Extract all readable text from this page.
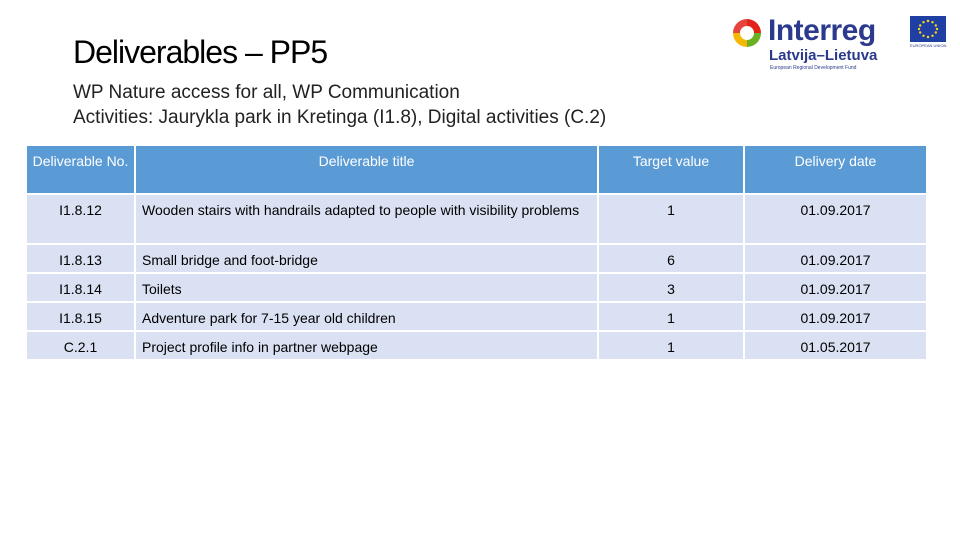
Deliverables – PP5
WP Nature access for all, WP Communication
Activities: Jaurykla park in Kretinga (I1.8), Digital activities (C.2)
Interreg
Latvija–Lietuva
European Regional Development Fund
EUROPEAN UNION
Deliverable No.	Deliverable title	Target value	Delivery date
I1.8.12	Wooden stairs with handrails adapted to people with visibility problems	1	01.09.2017
I1.8.13	Small bridge and foot-bridge	6	01.09.2017
I1.8.14	Toilets	3	01.09.2017
I1.8.15	Adventure park for 7-15 year old children	1	01.09.2017
C.2.1	Project profile info in partner webpage	1	01.05.2017
